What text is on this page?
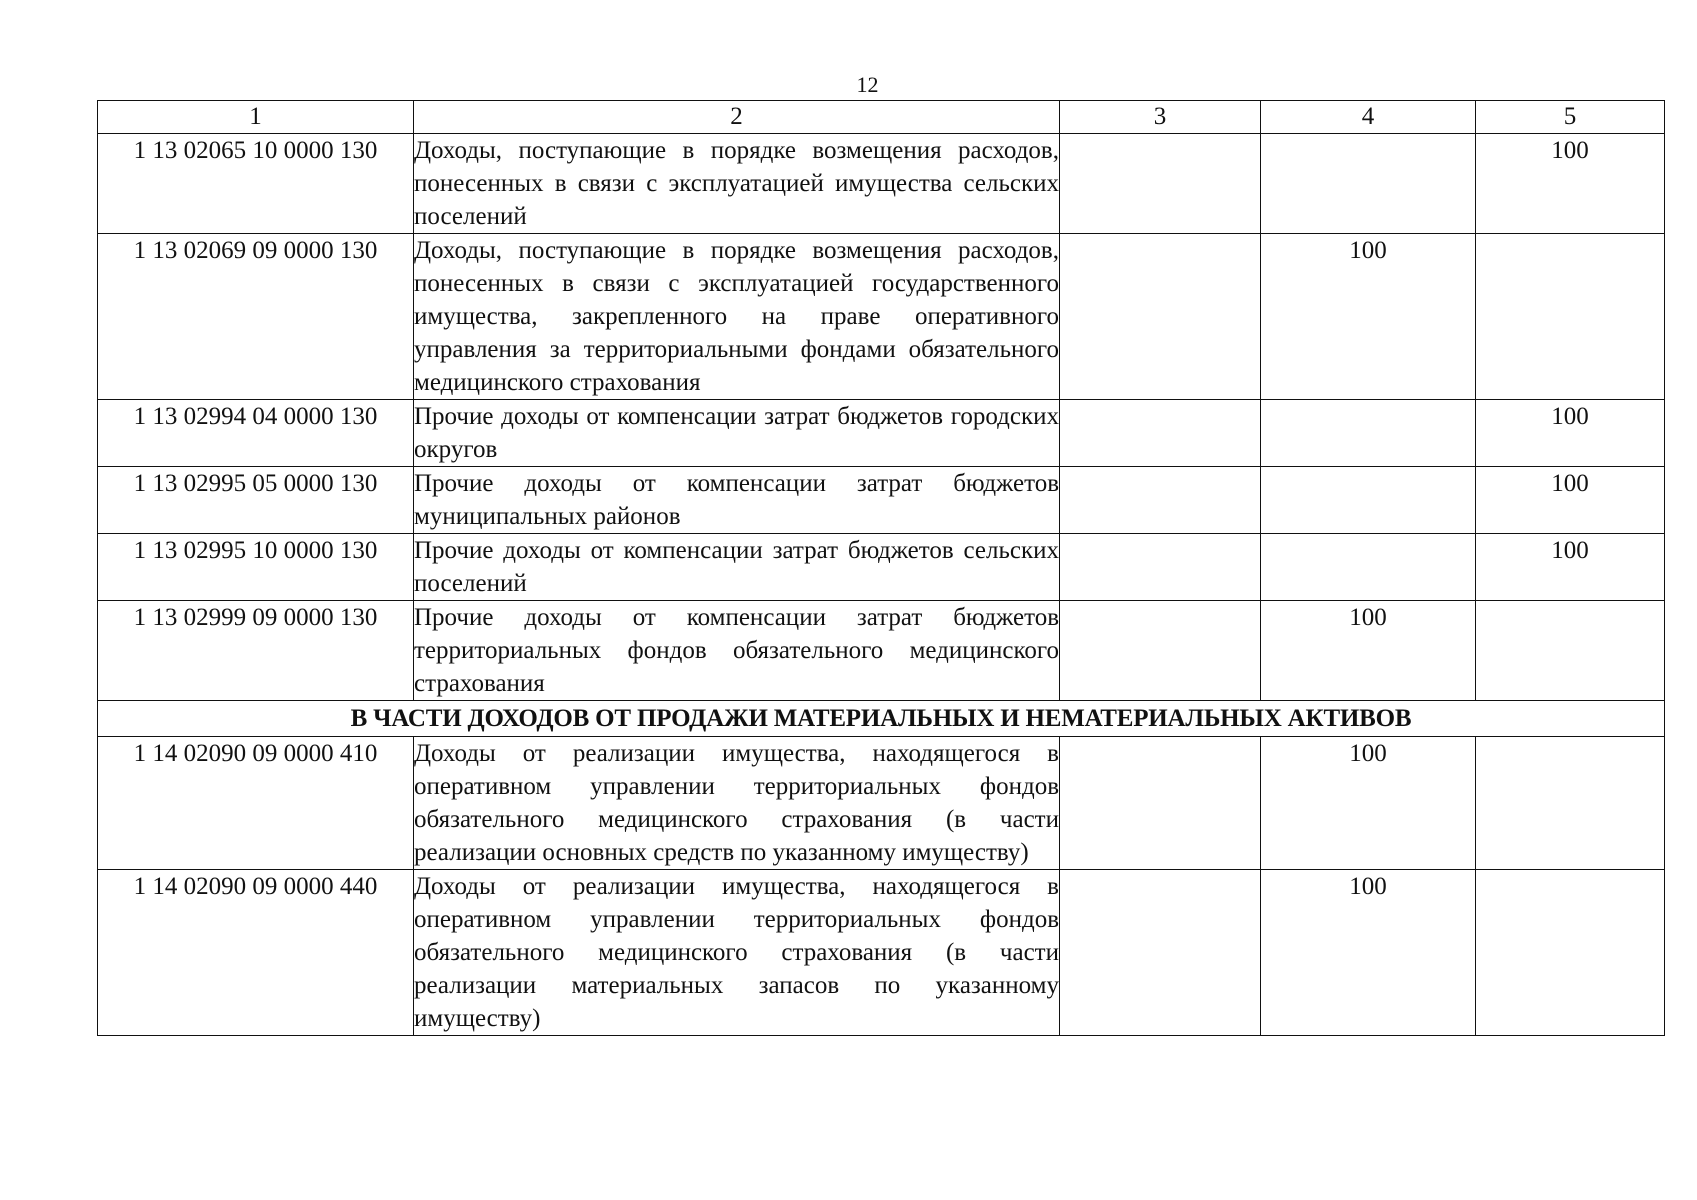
12
1	2	3	4	5
1 13 02065 10 0000 130	Доходы, поступающие в порядке возмещения расходов, понесенных в связи с эксплуатацией имущества сельских поселений			100
1 13 02069 09 0000 130	Доходы, поступающие в порядке возмещения расходов, понесенных в связи с эксплуатацией государственного имущества, закрепленного на праве оперативного управления за территориальными фондами обязательного медицинского страхования		100	
1 13 02994 04 0000 130	Прочие доходы от компенсации затрат бюджетов городских округов			100
1 13 02995 05 0000 130	Прочие доходы от компенсации затрат бюджетов муниципальных районов			100
1 13 02995 10 0000 130	Прочие доходы от компенсации затрат бюджетов сельских поселений			100
1 13 02999 09 0000 130	Прочие доходы от компенсации затрат бюджетов территориальных фондов обязательного медицинского страхования		100	
В ЧАСТИ ДОХОДОВ ОТ ПРОДАЖИ МАТЕРИАЛЬНЫХ И НЕМАТЕРИАЛЬНЫХ АКТИВОВ				
1 14 02090 09 0000 410	Доходы от реализации имущества, находящегося в оперативном управлении территориальных фондов обязательного медицинского страхования (в части реализации основных средств по указанному имуществу)		100	
1 14 02090 09 0000 440	Доходы от реализации имущества, находящегося в оперативном управлении территориальных фондов обязательного медицинского страхования (в части реализации материальных запасов по указанному имуществу)		100	
